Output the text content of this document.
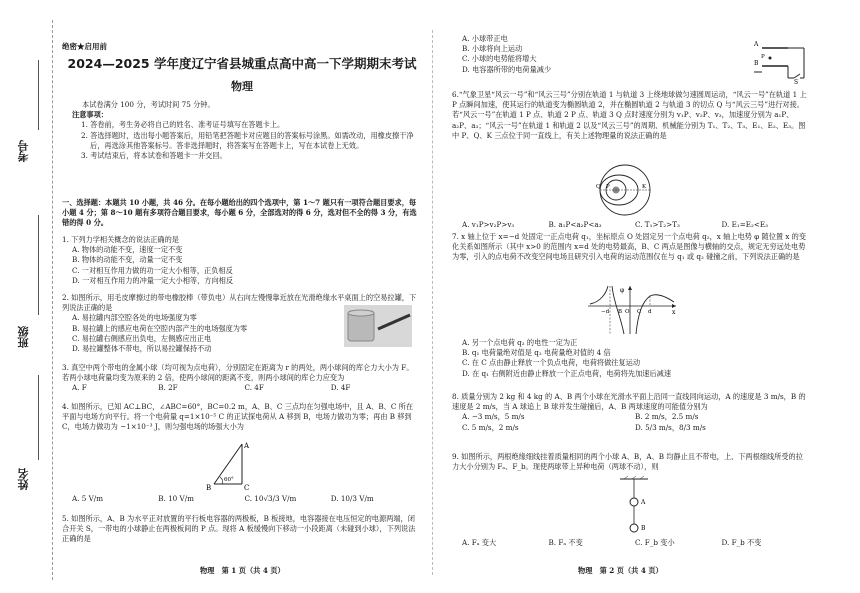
考号
班级
姓名
绝密★启用前
2024—2025 学年度辽宁省县城重点高中高一下学期期末考试
物理

本试卷满分 100 分，考试时间 75 分钟。

注意事项：

1. 答卷前，考生务必将自己的姓名、准考证号填写在答题卡上。

2. 答选择题时，选出每小题答案后，用铅笔把答题卡对应题目的答案标号涂黑。如需改动，用橡皮擦干净后，再选涂其他答案标号。答非选择题时，将答案写在答题卡上，写在本试卷上无效。

3. 考试结束后，将本试卷和答题卡一并交回。

一、选择题：本题共 10 小题，共 46 分。在每小题给出的四个选项中，第 1～7 题只有一项符合题目要求，每小题 4 分；第 8～10 题有多项符合题目要求，每小题 6 分，全部选对的得 6 分，选对但不全的得 3 分，有选错的得 0 分。

1. 下列力学相关概念的说法正确的是

A. 物体的动能不变，速度一定不变

B. 物体的动能不变，动量一定不变

C. 一对相互作用力做的功一定大小相等，正负相反

D. 一对相互作用力的冲量一定大小相等，方向相反

2. 如图所示，用毛皮摩擦过的带电橡胶棒（带负电）从右向左慢慢靠近放在光滑绝缘水平桌面上的空易拉罐，下列说法正确的是

A. 易拉罐内部空腔各处的电场强度为零

B. 易拉罐上的感应电荷在空腔内部产生的电场强度为零

C. 易拉罐右侧感应出负电，左侧感应出正电

D. 易拉罐整体不带电，所以易拉罐保持不动

3. 真空中两个带电的金属小球（均可视为点电荷），分别固定在距离为 r 的两处，两小球间的库仑力大小为 F。若两小球电荷量均变为原来的 2 倍，使两小球间的距离不变，则两小球间的库仑力应变为

A. F	B. 2F	C. 4F	D. 4F

4. 如图所示，已知 AC⊥BC，∠ABC=60°，BC=0.2 m，A、B、C 三点均在匀强电场中，且 A、B、C 所在平面与电场方向平行。将一个电荷量 q=1×10⁻⁵ C 的正试探电荷从 A 移到 B，电场力做功为零；再由 B 移到 C，电场力做功为 −1×10⁻³ J，则匀强电场的场强大小为

A
B	C
60°
A. 5 V/m	B. 10 V/m	C. 10√3/3 V/m	D. 10/3 V/m

5. 如图所示，A、B 为水平正对放置的平行板电容器的两极板，B 板接地，电容器接在电压恒定的电源两端，闭合开关 S，一带电的小球静止在两极板间的 P 点。现将 A 板缓慢向下移动一小段距离（未碰到小球），下列说法正确的是

物理　第 1 页（共 4 页）

A. 小球带正电

B. 小球将向上运动

C. 小球的电势能将增大

D. 电容器所带的电荷量减少

A
B
P
S

6.“气象卫星“风云一号”和“风云三号”分别在轨道 1 与轨道 3 上绕地球做匀速圆周运动，“风云一号”在轨道 1 上 P 点瞬间加速，使其运行的轨道变为椭圆轨道 2，并在椭圆轨道 2 与轨道 3 的切点 Q 与“风云三号”进行对接。若“风云一号”在轨道 1 P 点、轨道 2 P 点、轨道 3 Q 点时速度分别为 v₁P、v₂P、v₃，加速度分别为 a₁P、a₂P、a₃；“风云一号”在轨道 1 和轨道 2 以及“风云三号”的周期、机械能分别为 T₁、T₂、T₃、E₁、E₂、E₃。图中 P、Q、K 三点位于同一直线上，有关上述物理量的说法正确的是

P	K
Q
A. v₁P>v₂P>v₃	B. a₁P<a₂P<a₃	C. T₁>T₂>T₃	D. E₁=E₂<E₃

7. x 轴上位于 x=−d 处固定一正点电荷 q₁，坐标原点 O 处固定另一个点电荷 q₂，x 轴上电势 φ 随位置 x 的变化关系如图所示（其中 x>0 的范围内 x=d 处的电势最高，B、C 两点是图像与横轴的交点，规定无穷远处电势为零，引入的点电荷不改变空间电场且研究引入电荷的运动范围仅在与 q₁ 或 q₂ 碰撞之前，下列说法正确的是

φ
x
O
B	C d
−d

A. 另一个点电荷 q₂ 的电性一定为正

B. q₁ 电荷量绝对值是 q₂ 电荷量绝对值的 4 倍

C. 在 C 点由静止释放一个负点电荷，电荷将做往复运动

D. 在 q₁ 右侧附近由静止释放一个正点电荷，电荷将先加速后减速

8. 质量分别为 2 kg 和 4 kg 的 A、B 两个小球在光滑水平面上沿同一直线同向运动，A 的速度是 3 m/s，B 的速度是 2 m/s，当 A 球追上 B 球并发生碰撞后，A、B 两球速度的可能值分别为

A. −3 m/s，5 m/s	B. 2 m/s，2.5 m/s
C. 5 m/s，2 m/s	D. 5/3 m/s，8/3 m/s

9. 如图所示，两根绝缘细线挂着质量相同的两个小球 A、B，A、B 均静止且不带电，上、下两根细线所受的拉力大小分别为 Fₐ、F_b。现使两球带上异种电荷（两球不动），则

A
B
A. Fₐ 变大	B. Fₐ 不变	C. F_b 变小	D. F_b 不变
物理　第 2 页（共 4 页）
